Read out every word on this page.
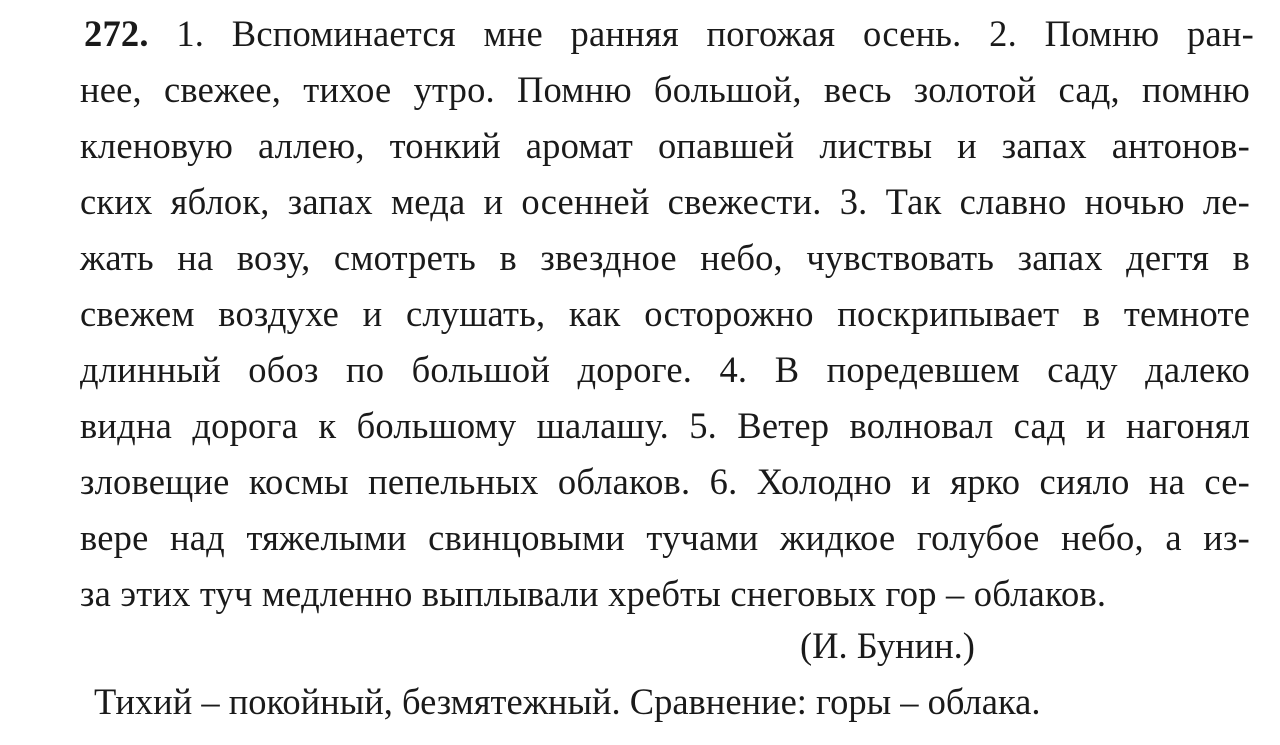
272. 1. Вспоминается мне ранняя погожая осень. 2. Помню ран-
нее, свежее, тихое утро. Помню большой, весь золотой сад, помню
кленовую аллею, тонкий аромат опавшей листвы и запах антонов-
ских яблок, запах меда и осенней свежести. 3. Так славно ночью ле-
жать на возу, смотреть в звездное небо, чувствовать запах дегтя в
свежем воздухе и слушать, как осторожно поскрипывает в темноте
длинный обоз по большой дороге. 4. В поредевшем саду далеко
видна дорога к большому шалашу. 5. Ветер волновал сад и нагонял
зловещие космы пепельных облаков. 6. Холодно и ярко сияло на се-
вере над тяжелыми свинцовыми тучами жидкое голубое небо, а из-
за этих туч медленно выплывали хребты снеговых гор – облаков.
(И. Бунин.)
Тихий – покойный, безмятежный. Сравнение: горы – облака.
